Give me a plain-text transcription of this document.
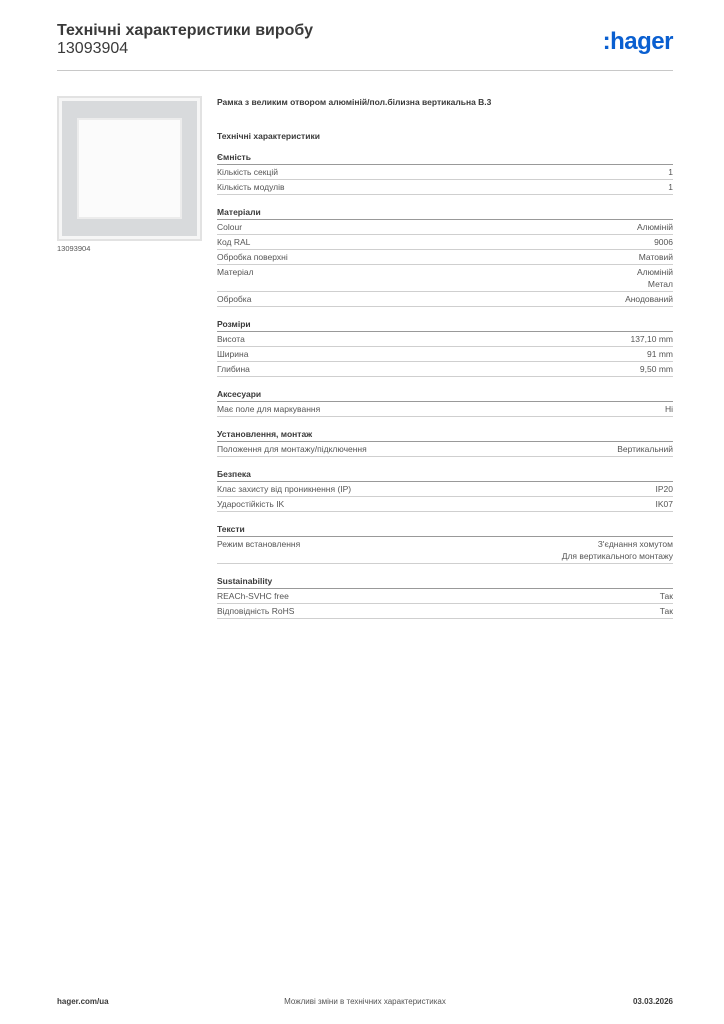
Технічні характеристики виробу
13093904	:hager
13093904
Рамка з великим отвором алюміній/пол.білизна вертикальна В.3
Технічні характеристики
Ємність
Кількість секцій	1
Кількість модулів	1
Матеріали
Colour	Алюміній
Код RAL	9006
Обробка поверхні	Матовий
Матеріал	Алюміній
Метал
Обробка	Анодований
Розміри
Висота	137,10 mm
Ширина	91 mm
Глибина	9,50 mm
Аксесуари
Має поле для маркування	Ні
Установлення, монтаж
Положення для монтажу/підключення	Вертикальний
Безпека
Клас захисту від проникнення (IP)	IP20
Ударостійкість IK	IK07
Тексти
Режим встановлення	З'єднання хомутом
Для вертикального монтажу
Sustainability
REACh-SVHC free	Так
Відповідність RoHS	Так
hager.com/ua	Можливі зміни в технічних характеристиках	03.03.2026
